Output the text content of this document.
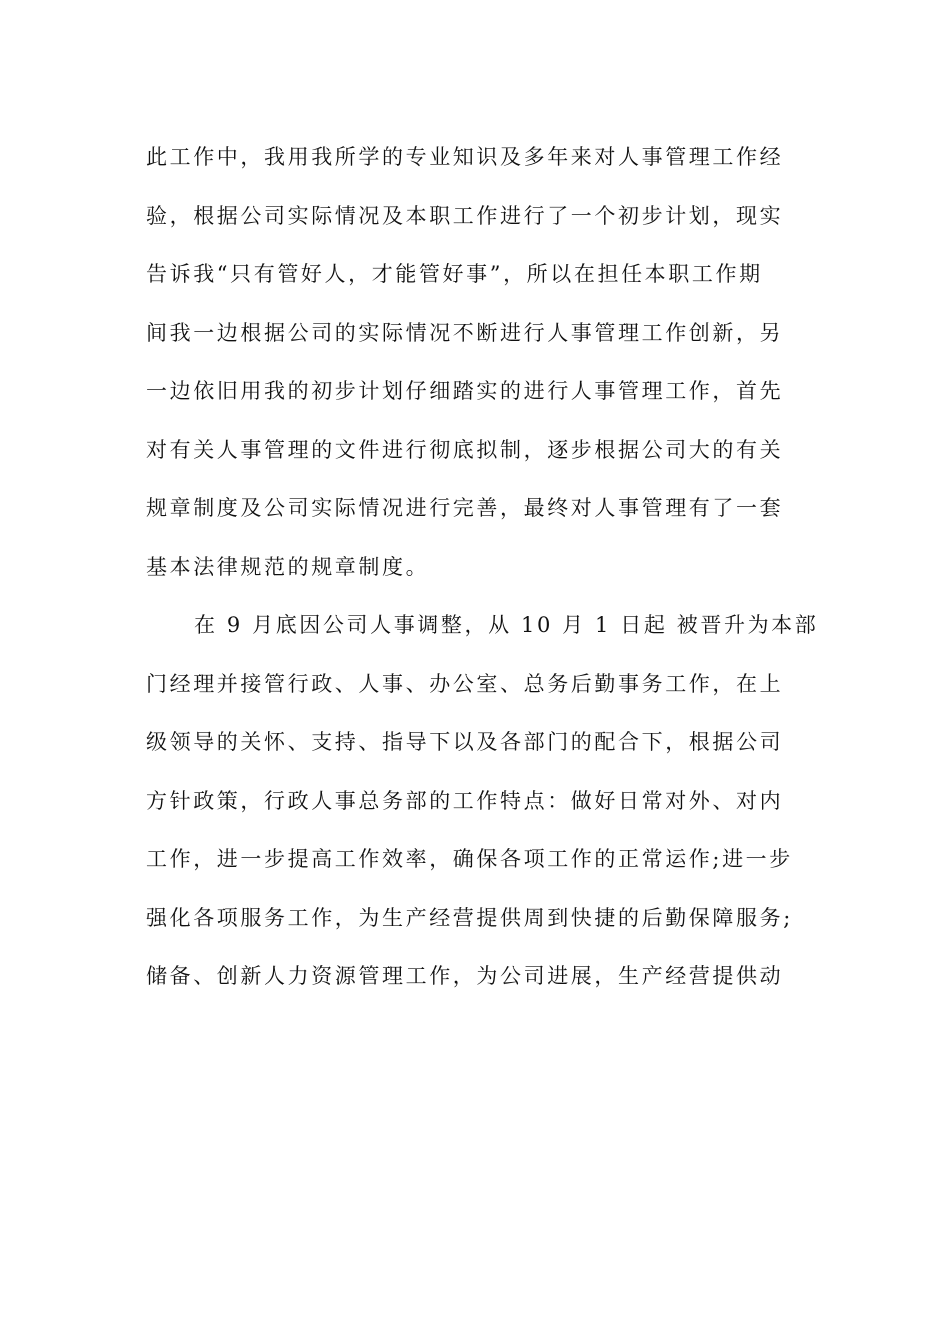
此工作中，我用我所学的专业知识及多年来对人事管理工作经
验，根据公司实际情况及本职工作进行了一个初步计划，现实
告诉我“只有管好人，才能管好事”，所以在担任本职工作期
间我一边根据公司的实际情况不断进行人事管理工作创新，另
一边依旧用我的初步计划仔细踏实的进行人事管理工作，首先
对有关人事管理的文件进行彻底拟制，逐步根据公司大的有关
规章制度及公司实际情况进行完善，最终对人事管理有了一套
基本法律规范的规章制度。
在 9 月底因公司人事调整，从 10 月 1 日起 被晋升为本部
门经理并接管行政、人事、办公室、总务后勤事务工作，在上
级领导的关怀、支持、指导下以及各部门的配合下，根据公司
方针政策，行政人事总务部的工作特点：做好日常对外、对内
工作，进一步提高工作效率，确保各项工作的正常运作;进一步
强化各项服务工作，为生产经营提供周到快捷的后勤保障服务;
储备、创新人力资源管理工作，为公司进展，生产经营提供动
